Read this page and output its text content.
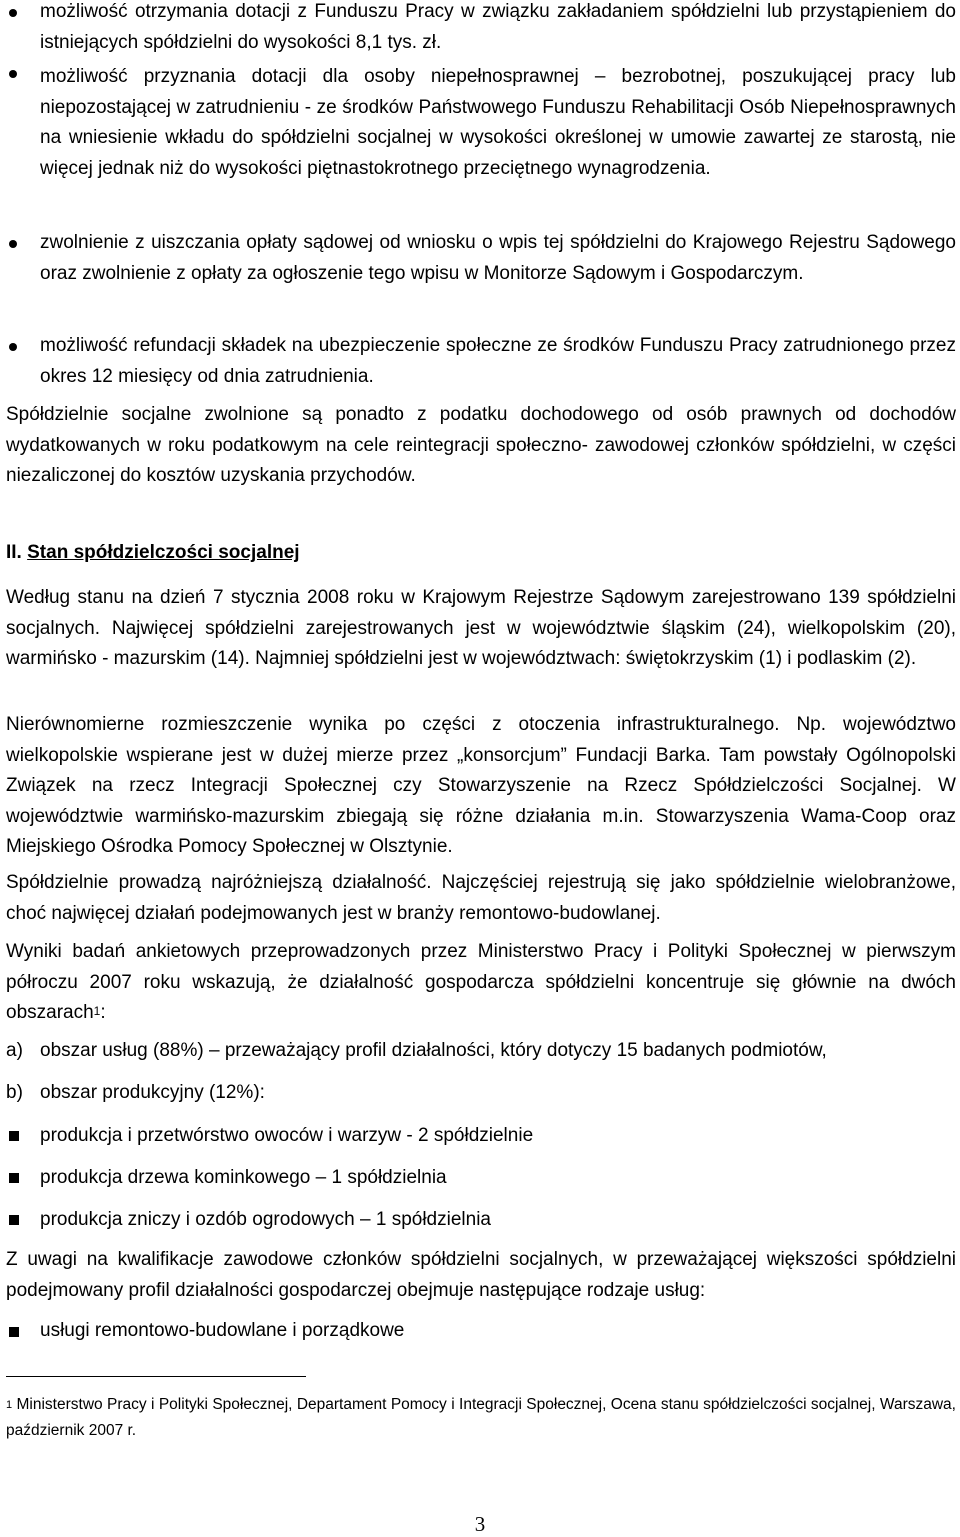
możliwość otrzymania dotacji z Funduszu Pracy w związku zakładaniem spółdzielni lub przystąpieniem do istniejących spółdzielni do wysokości 8,1 tys. zł.

możliwość przyznania dotacji dla osoby niepełnosprawnej – bezrobotnej, poszukującej pracy lub niepozostającej w zatrudnieniu - ze środków Państwowego Funduszu Rehabilitacji Osób Niepełnosprawnych na wniesienie wkładu do spółdzielni socjalnej w wysokości określonej w umowie zawartej ze starostą, nie więcej jednak niż do wysokości piętnastokrotnego przeciętnego wynagrodzenia.

zwolnienie z uiszczania opłaty sądowej od wniosku o wpis tej spółdzielni do Krajowego Rejestru Sądowego oraz zwolnienie z opłaty za ogłoszenie tego wpisu w Monitorze Sądowym i Gospodarczym.

możliwość refundacji składek na ubezpieczenie społeczne ze środków Funduszu Pracy zatrudnionego przez okres 12 miesięcy od dnia zatrudnienia.

Spółdzielnie socjalne zwolnione są ponadto z podatku dochodowego od osób prawnych od dochodów wydatkowanych w roku podatkowym na cele reintegracji społeczno- zawodowej członków spółdzielni, w części niezaliczonej do kosztów uzyskania przychodów.

II. Stan spółdzielczości socjalnej

Według stanu na dzień 7 stycznia 2008 roku w Krajowym Rejestrze Sądowym zarejestrowano 139 spółdzielni socjalnych. Najwięcej spółdzielni zarejestrowanych jest w województwie śląskim (24), wielkopolskim (20), warmińsko - mazurskim (14). Najmniej spółdzielni jest w województwach: świętokrzyskim (1) i podlaskim (2).

Nierównomierne rozmieszczenie wynika po części z otoczenia infrastrukturalnego. Np. województwo wielkopolskie wspierane jest w dużej mierze przez „konsorcjum” Fundacji Barka. Tam powstały Ogólnopolski Związek na rzecz Integracji Społecznej czy Stowarzyszenie na Rzecz Spółdzielczości Socjalnej. W województwie warmińsko-mazurskim zbiegają się różne działania m.in. Stowarzyszenia Wama-Coop oraz Miejskiego Ośrodka Pomocy Społecznej w Olsztynie.

Spółdzielnie prowadzą najróżniejszą działalność. Najczęściej rejestrują się jako spółdzielnie wielobranżowe, choć najwięcej działań podejmowanych jest w branży remontowo-budowlanej.

Wyniki badań ankietowych przeprowadzonych przez Ministerstwo Pracy i Polityki Społecznej w pierwszym półroczu 2007 roku wskazują, że działalność gospodarcza spółdzielni koncentruje się głównie na dwóch obszarach$^1$:

a) obszar usług (88%) – przeważający profil działalności, który dotyczy 15 badanych podmiotów,
b) obszar produkcyjny (12%):
produkcja i przetwórstwo owoców i warzyw - 2 spółdzielnie
produkcja drzewa kominkowego – 1 spółdzielnia
produkcja zniczy i ozdób ogrodowych – 1 spółdzielnia

Z uwagi na kwalifikacje zawodowe członków spółdzielni socjalnych, w przeważającej większości spółdzielni podejmowany profil działalności gospodarczej obejmuje następujące rodzaje usług:

usługi remontowo-budowlane i porządkowe
$^1$ Ministerstwo Pracy i Polityki Społecznej, Departament Pomocy i Integracji Społecznej, Ocena stanu spółdzielczości socjalnej, Warszawa, październik 2007 r.
3
